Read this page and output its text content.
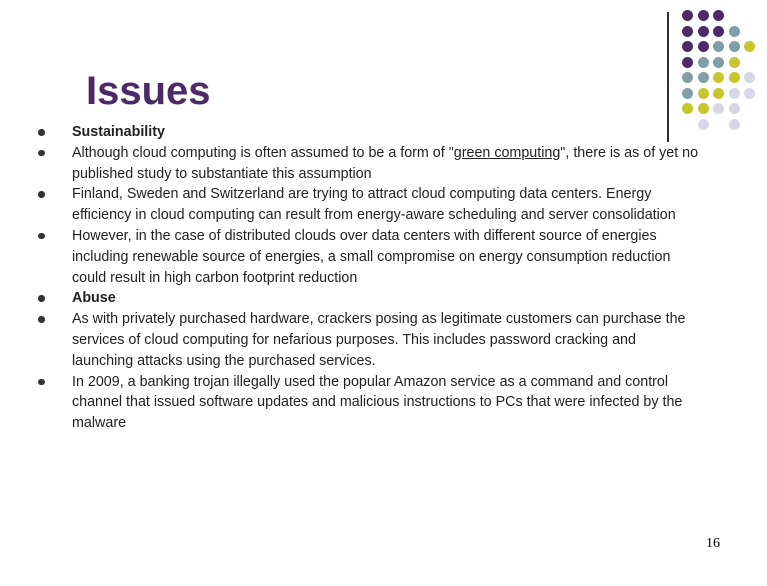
Issues
Sustainability
Although cloud computing is often assumed to be a form of "green computing", there is as of yet no published study to substantiate this assumption
Finland, Sweden and Switzerland are trying to attract cloud computing data centers. Energy efficiency in cloud computing can result from energy-aware scheduling and server consolidation
However, in the case of distributed clouds over data centers with different source of energies including renewable source of energies, a small compromise on energy consumption reduction could result in high carbon footprint reduction
Abuse
As with privately purchased hardware, crackers posing as legitimate customers can purchase the services of cloud computing for nefarious purposes. This includes password cracking and launching attacks using the purchased services.
In 2009, a banking trojan illegally used the popular Amazon service as a command and control channel that issued software updates and malicious instructions to PCs that were infected by the malware
16
